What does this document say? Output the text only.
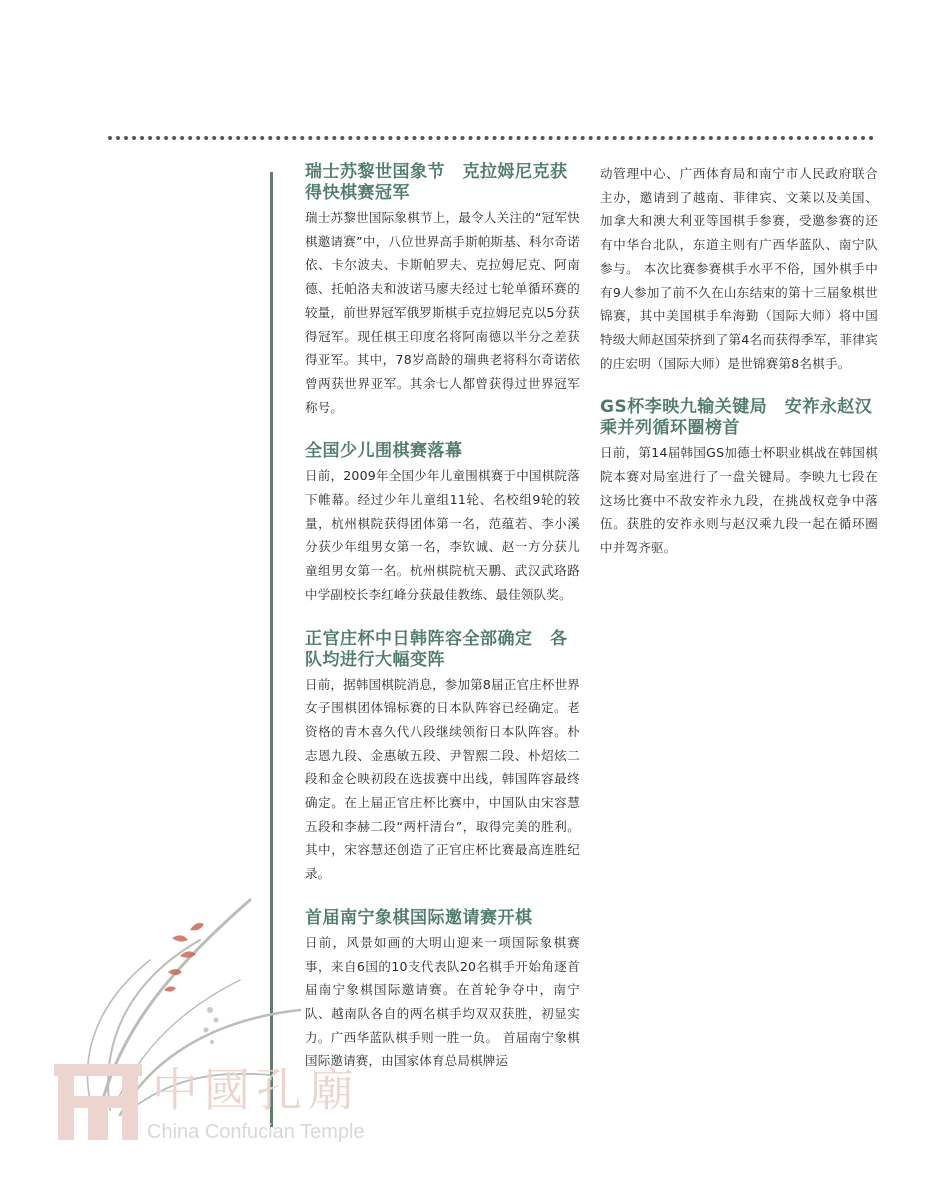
中國孔廟
China Confucian Temple
瑞士苏黎世国象节　克拉姆尼克获得快棋赛冠军

瑞士苏黎世国际象棋节上，最令人关注的“冠军快棋邀请赛”中，八位世界高手斯帕斯基、科尔奇诺依、卡尔波夫、卡斯帕罗夫、克拉姆尼克、阿南德、托帕洛夫和波诺马廖夫经过七轮单循环赛的较量，前世界冠军俄罗斯棋手克拉姆尼克以5分获得冠军。现任棋王印度名将阿南德以半分之差获得亚军。其中，78岁高龄的瑞典老将科尔奇诺依曾两获世界亚军。其余七人都曾获得过世界冠军称号。

全国少儿围棋赛落幕

日前，2009年全国少年儿童围棋赛于中国棋院落下帷幕。经过少年儿童组11轮、名校组9轮的较量，杭州棋院获得团体第一名，范蕴若、李小溪分获少年组男女第一名，李钦诚、赵一方分获儿童组男女第一名。杭州棋院杭天鹏、武汉武珞路中学副校长李红峰分获最佳教练、最佳领队奖。

正官庄杯中日韩阵容全部确定　各队均进行大幅变阵

日前，据韩国棋院消息，参加第8届正官庄杯世界女子围棋团体锦标赛的日本队阵容已经确定。老资格的青木喜久代八段继续领衔日本队阵容。朴志恩九段、金惠敏五段、尹智熙二段、朴炤炫二段和金仑映初段在选拔赛中出线，韩国阵容最终确定。在上届正官庄杯比赛中，中国队由宋容慧五段和李赫二段“两杆清台”，取得完美的胜利。其中，宋容慧还创造了正官庄杯比赛最高连胜纪录。

首届南宁象棋国际邀请赛开棋

日前，风景如画的大明山迎来一项国际象棋赛事，来自6国的10支代表队20名棋手开始角逐首届南宁象棋国际邀请赛。在首轮争夺中，南宁队、越南队各自的两名棋手均双双获胜，初显实力。广西华蓝队棋手则一胜一负。 首届南宁象棋国际邀请赛，由国家体育总局棋牌运

动管理中心、广西体育局和南宁市人民政府联合主办，邀请到了越南、菲律宾、文莱以及美国、加拿大和澳大利亚等国棋手参赛，受邀参赛的还有中华台北队，东道主则有广西华蓝队、南宁队参与。 本次比赛参赛棋手水平不俗，国外棋手中有9人参加了前不久在山东结束的第十三届象棋世锦赛，其中美国棋手牟海勤（国际大师）将中国特级大师赵国荣挤到了第4名而获得季军，菲律宾的庄宏明（国际大师）是世锦赛第8名棋手。

GS杯李映九输关键局　安祚永赵汉乘并列循环圈榜首

日前，第14届韩国GS加德士杯职业棋战在韩国棋院本赛对局室进行了一盘关键局。李映九七段在这场比赛中不敌安祚永九段，在挑战权竞争中落伍。获胜的安祚永则与赵汉乘九段一起在循环圈中并驾齐驱。
